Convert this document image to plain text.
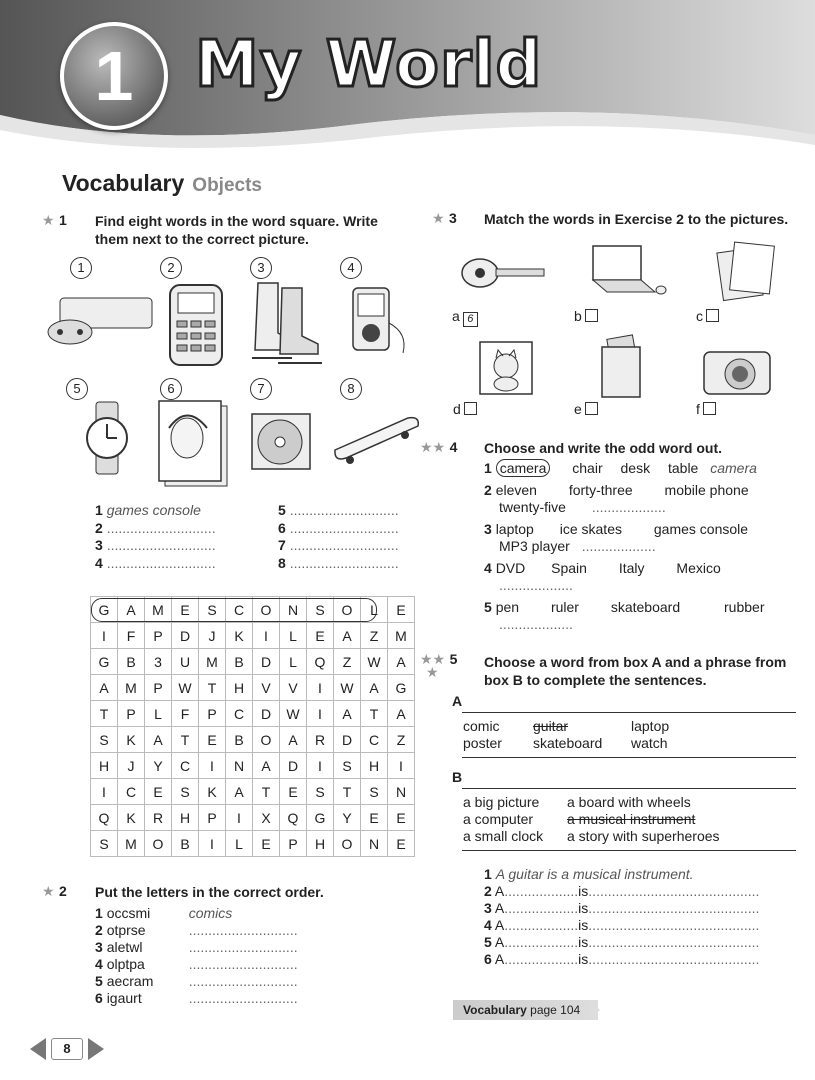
1 My World
Vocabulary Objects
★ 1 Find eight words in the word square. Write them next to the correct picture.
1	2	3	4
5	6	7	8
1 games console
2 ............................
3 ............................
4 ............................
5 ............................
6 ............................
7 ............................
8 ............................
G	A	M	E	S	C	O	N	S	O	L	E
I	F	P	D	J	K	I	L	E	A	Z	M
G	B	3	U	M	B	D	L	Q	Z	W	A
A	M	P	W	T	H	V	V	I	W	A	G
T	P	L	F	P	C	D	W	I	A	T	A
S	K	A	T	E	B	O	A	R	D	C	Z
H	J	Y	C	I	N	A	D	I	S	H	I
I	C	E	S	K	A	T	E	S	T	S	N
Q	K	R	H	P	I	X	Q	G	Y	E	E
S	M	O	B	I	L	E	P	H	O	N	E
★ 2 Put the letters in the correct order.
1 occsmi	comics
2 otprse	............................
3 aletwl	............................
4 olptpa	............................
5 aecram	............................
6 igaurt	............................
★ 3 Match the words in Exercise 2 to the pictures.
a 6	b	c
d	e	f
★★ 4 Choose and write the odd word out.
1 camera chair desk table camera
2 eleven forty-three mobile phone
twenty-five ...................
3 laptop ice skates games console
MP3 player ...................
4 DVD Spain Italy Mexico
...................
5 pen ruler skateboard	rubber
...................
★★ 5
★
Choose a word from box A and a phrase from box B to complete the sentences.
A
comic guitar	laptop
poster skateboard watch
B
a big picture a board with wheels
a computer a musical instrument
a small clock a story with superheroes
1 A guitar is a musical instrument.
2 A...................is............................................
3 A...................is............................................
4 A...................is............................................
5 A...................is............................................
6 A...................is............................................
Vocabulary page 104
8
